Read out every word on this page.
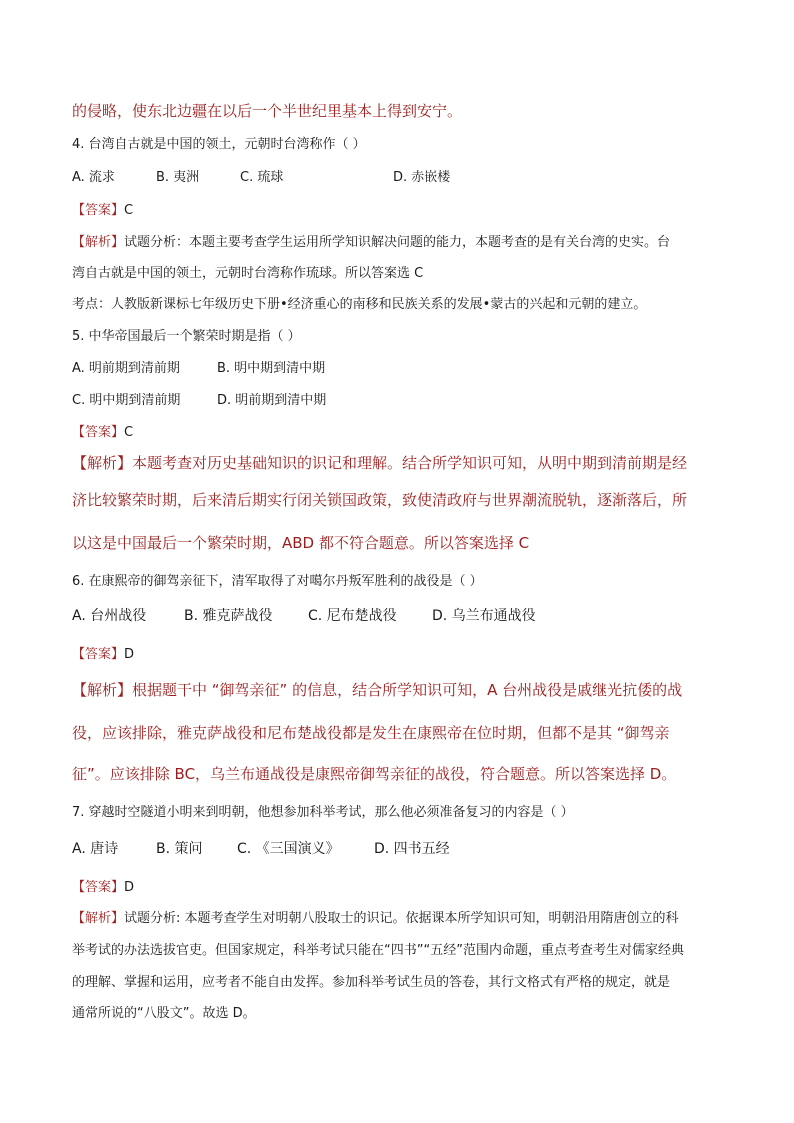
的侵略，使东北边疆在以后一个半世纪里基本上得到安宁。
4. 台湾自古就是中国的领土，元朝时台湾称作（ ）
A. 流求	B. 夷洲	C. 琉球	D. 赤嵌楼
【答案】C
【解析】试题分析：本题主要考查学生运用所学知识解决问题的能力，本题考查的是有关台湾的史实。台
湾自古就是中国的领土，元朝时台湾称作琉球。所以答案选 C
考点：人教版新课标七年级历史下册•经济重心的南移和民族关系的发展•蒙古的兴起和元朝的建立。
5. 中华帝国最后一个繁荣时期是指（ ）
A. 明前期到清前期	B. 明中期到清中期
C. 明中期到清前期	D. 明前期到清中期
【答案】C
【解析】本题考查对历史基础知识的识记和理解。结合所学知识可知，从明中期到清前期是经
济比较繁荣时期，后来清后期实行闭关锁国政策，致使清政府与世界潮流脱轨，逐渐落后，所
以这是中国最后一个繁荣时期，ABD 都不符合题意。所以答案选择 C
6. 在康熙帝的御驾亲征下，清军取得了对噶尔丹叛军胜利的战役是（ ）
A. 台州战役	B. 雅克萨战役	C. 尼布楚战役	D. 乌兰布通战役
【答案】D
【解析】根据题干中 “御驾亲征” 的信息，结合所学知识可知，A 台州战役是戚继光抗倭的战
役，应该排除，雅克萨战役和尼布楚战役都是发生在康熙帝在位时期，但都不是其 “御驾亲
征”。应该排除 BC，乌兰布通战役是康熙帝御驾亲征的战役，符合题意。所以答案选择 D。
7. 穿越时空隧道小明来到明朝，他想参加科举考试，那么他必须准备复习的内容是（ ）
A. 唐诗	B. 策问 C. 《三国演义》 D. 四书五经
【答案】D
【解析】试题分析: 本题考查学生对明朝八股取士的识记。依据课本所学知识可知，明朝沿用隋唐创立的科
举考试的办法选拔官吏。但国家规定，科举考试只能在“四书”“五经”范围内命题，重点考查考生对儒家经典
的理解、掌握和运用，应考者不能自由发挥。参加科举考试生员的答卷，其行文格式有严格的规定，就是
通常所说的“八股文”。故选 D。
